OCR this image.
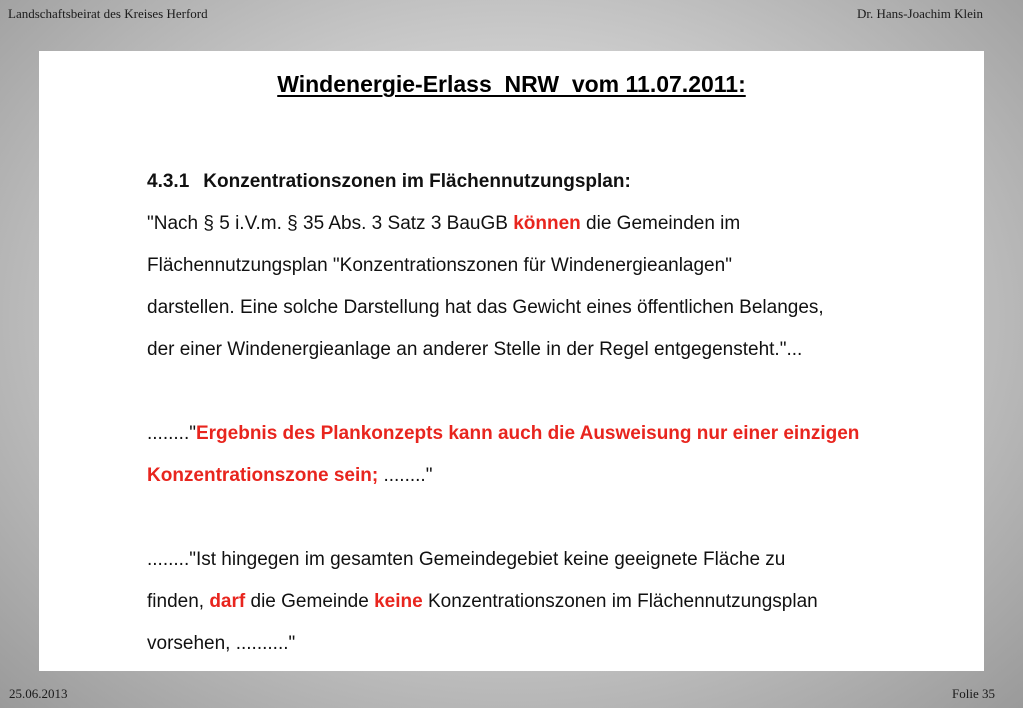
Landschaftsbeirat des Kreises Herford	Dr. Hans-Joachim Klein
Windenergie-Erlass  NRW  vom 11.07.2011:
4.3.1 Konzentrationszonen im Flächennutzungsplan:
"Nach § 5 i.V.m. § 35 Abs. 3 Satz 3 BauGB können die Gemeinden im
Flächennutzungsplan "Konzentrationszonen für Windenergieanlagen"
darstellen. Eine solche Darstellung hat das Gewicht eines öffentlichen Belanges,
der einer Windenergieanlage an anderer Stelle in der Regel entgegensteht."...
........"Ergebnis des Plankonzepts kann auch die Ausweisung nur einer einzigen
Konzentrationszone sein; ........"
........"Ist hingegen im gesamten Gemeindegebiet keine geeignete Fläche zu
finden, darf die Gemeinde keine Konzentrationszonen im Flächennutzungsplan
vorsehen, .........."
25.06.2013	Folie 35
